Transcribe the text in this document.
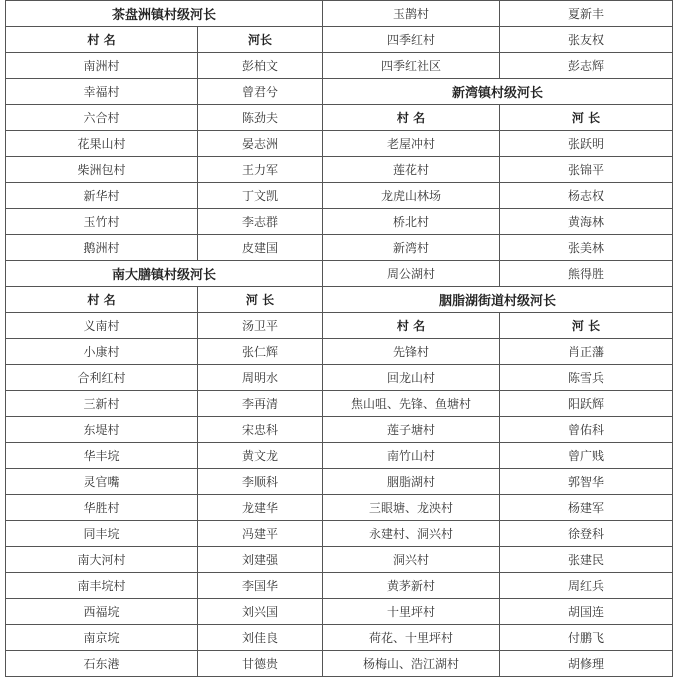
茶盘洲镇村级河长	
村 名	河长
南洲村	彭柏文
幸福村	曾君兮
六合村	陈劲夫
花果山村	晏志洲
柴洲包村	王力军
新华村	丁文凯
玉竹村	李志群
鹅洲村	皮建国
南大膳镇村级河长	
村 名	河 长
义南村	汤卫平
小康村	张仁辉
合利红村	周明水
三新村	李再清
东堤村	宋忠科
华丰垸	黄文龙
灵官嘴	李顺科
华胜村	龙建华
同丰垸	冯建平
南大河村	刘建强
南丰垸村	李国华
西福垸	刘兴国
南京垸	刘佳良
石东港	甘德贵
玉鹊村	夏新丰
四季红村	张友权
四季红社区	彭志辉
新湾镇村级河长	
村 名	河 长
老屋冲村	张跃明
莲花村	张锦平
龙虎山林场	杨志权
桥北村	黄海林
新湾村	张美林
周公湖村	熊得胜
胭脂湖街道村级河长	
村 名	河 长
先锋村	肖正藩
回龙山村	陈雪兵
焦山咀、先锋、鱼塘村	阳跃辉
莲子塘村	曾佑科
南竹山村	曾广贱
胭脂湖村	郭智华
三眼塘、龙泱村	杨建军
永建村、洞兴村	徐登科
洞兴村	张建民
黄茅新村	周红兵
十里坪村	胡国连
荷花、十里坪村	付鹏飞
杨梅山、浩江湖村	胡修理
